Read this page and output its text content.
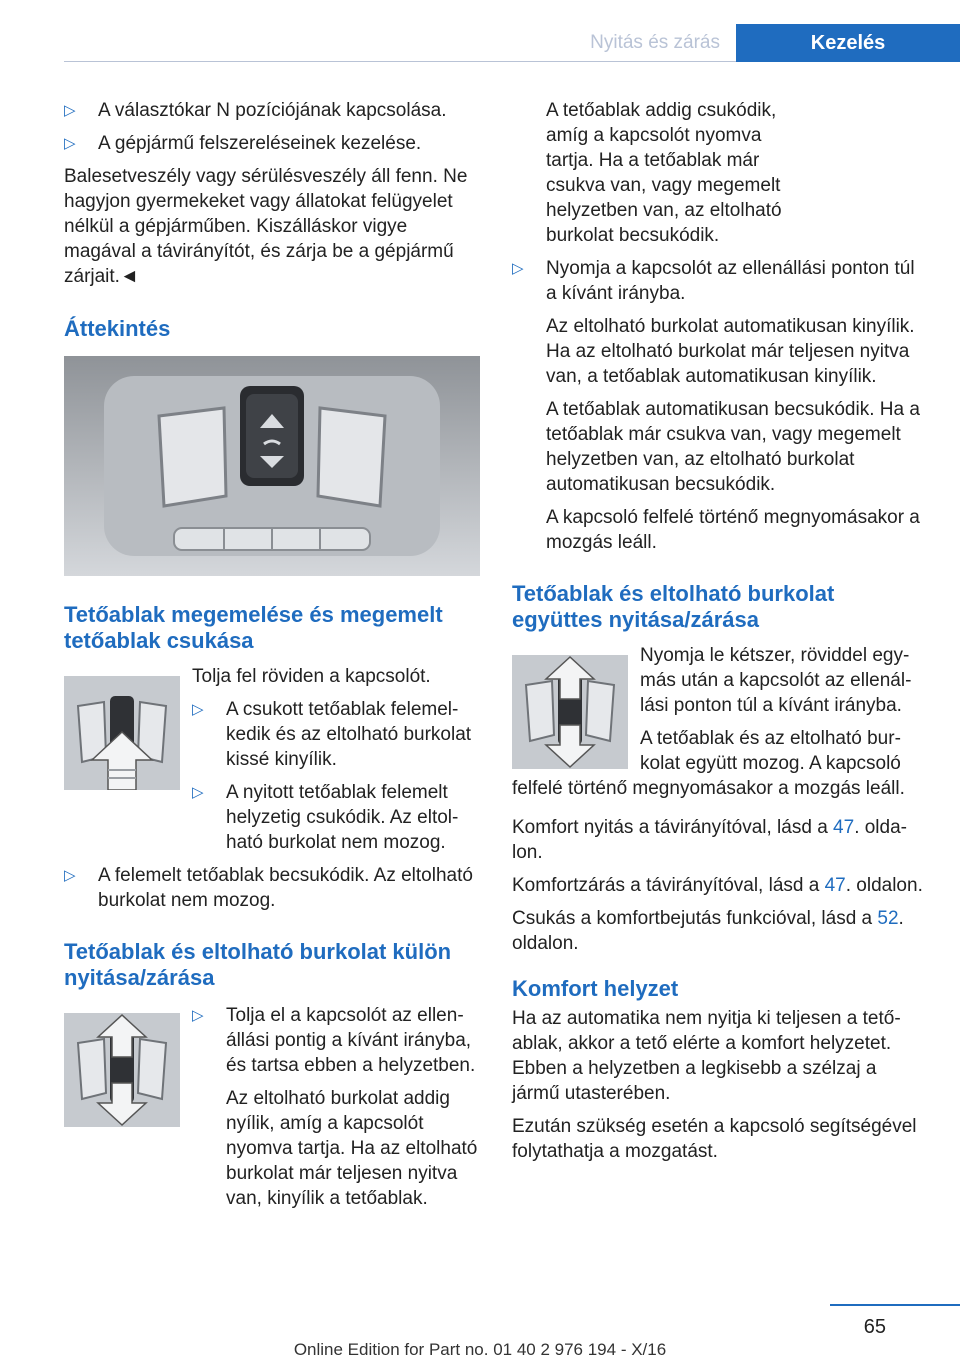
Nyitás és zárás	Kezelés

▷ A választókar N pozíciójának kapcsolása.

▷ A gépjármű felszereléseinek kezelése.

Balesetveszély vagy sérülésveszély áll fenn. Ne hagyjon gyermekeket vagy állatokat felügyelet nélkül a gépjárműben. Kiszálláskor vigye magával a távirányítót, és zárja be a gépjármű zárjait.◄

Áttekintés
Tetőablak megemelése és megemelt tetőablak csukása

Tolja fel röviden a kapcsolót.

▷ A csukott tetőablak felemelkedik és az eltolható burkolat kissé kinyílik.

▷ A nyitott tetőablak felemelt helyzetig csukódik. Az eltolható burkolat nem mozog.

▷ A felemelt tetőablak becsukódik. Az eltolható burkolat nem mozog.

Tetőablak és eltolható burkolat külön nyitása/zárása

▷ Tolja el a kapcsolót az ellenállási pontig a kívánt irányba, és tartsa ebben a helyzetben.

Az eltolható burkolat addig nyílik, amíg a kapcsolót nyomva tartja. Ha az eltolható burkolat már teljesen nyitva van, kinyílik a tetőablak.

A tetőablak addig csukódik, amíg a kapcsolót nyomva tartja. Ha a tetőablak már csukva van, vagy megemelt helyzetben van, az eltolható burkolat becsukódik.

▷ Nyomja a kapcsolót az ellenállási ponton túl a kívánt irányba.

Az eltolható burkolat automatikusan kinyílik. Ha az eltolható burkolat már teljesen nyitva van, a tetőablak automatikusan kinyílik.

A tetőablak automatikusan becsukódik. Ha a tetőablak már csukva van, vagy megemelt helyzetben van, az eltolható burkolat automatikusan becsukódik.

A kapcsoló felfelé történő megnyomásakor a mozgás leáll.

Tetőablak és eltolható burkolat együttes nyitása/zárása

Nyomja le kétszer, röviddel egymás után a kapcsolót az ellenállási ponton túl a kívánt irányba.

A tetőablak és az eltolható burkolat együtt mozog. A kapcsoló felfelé történő megnyomásakor a mozgás leáll.

Komfort nyitás a távirányítóval, lásd a 47. oldalon.

Komfortzárás a távirányítóval, lásd a 47. oldalon.

Csukás a komfortbejutás funkcióval, lásd a 52. oldalon.

Komfort helyzet

Ha az automatika nem nyitja ki teljesen a tetőablak, akkor a tető elérte a komfort helyzetet. Ebben a helyzetben a legkisebb a szélzaj a jármű utasterében.

Ezután szükség esetén a kapcsoló segítségével folytathatja a mozgatást.

65
Online Edition for Part no. 01 40 2 976 194 - X/16
